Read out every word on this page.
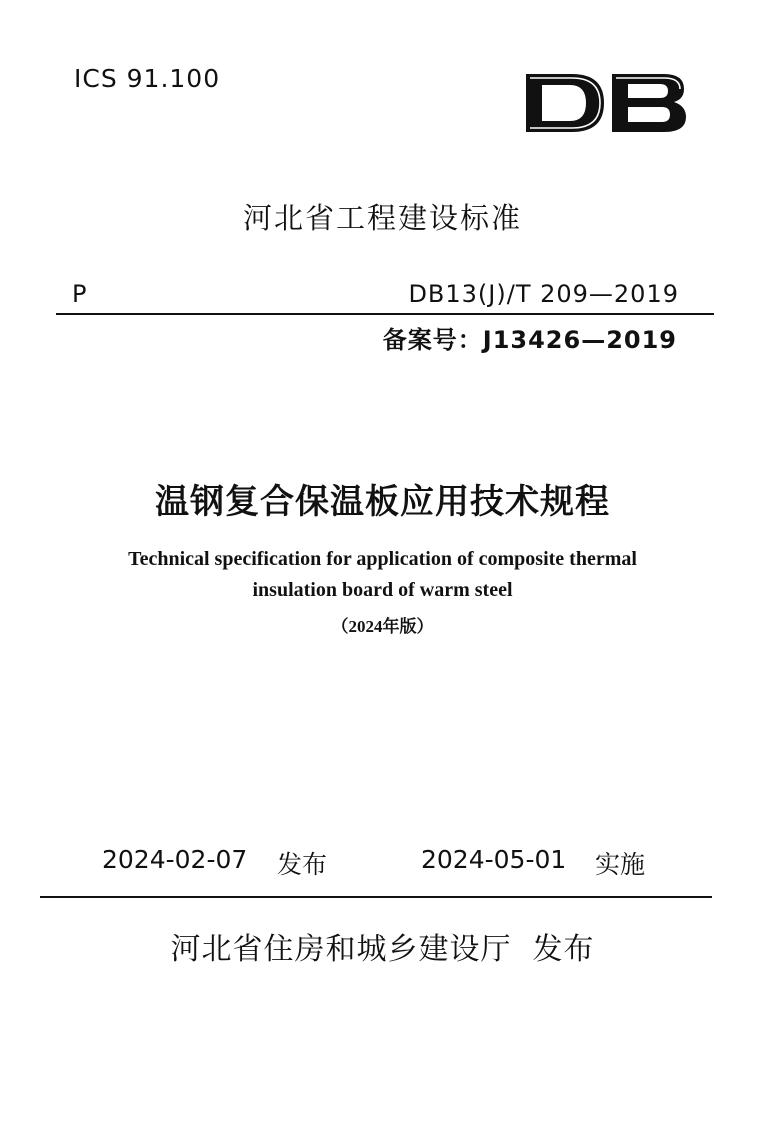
ICS 91.100
河北省工程建设标准
P	DB13(J)/T 209—2019
备案号：J13426—2019
温钢复合保温板应用技术规程
Technical specification for application of composite thermal
insulation board of warm steel
（2024年版）
2024-02-07 发布	2024-05-01 实施
河北省住房和城乡建设厅  发布
